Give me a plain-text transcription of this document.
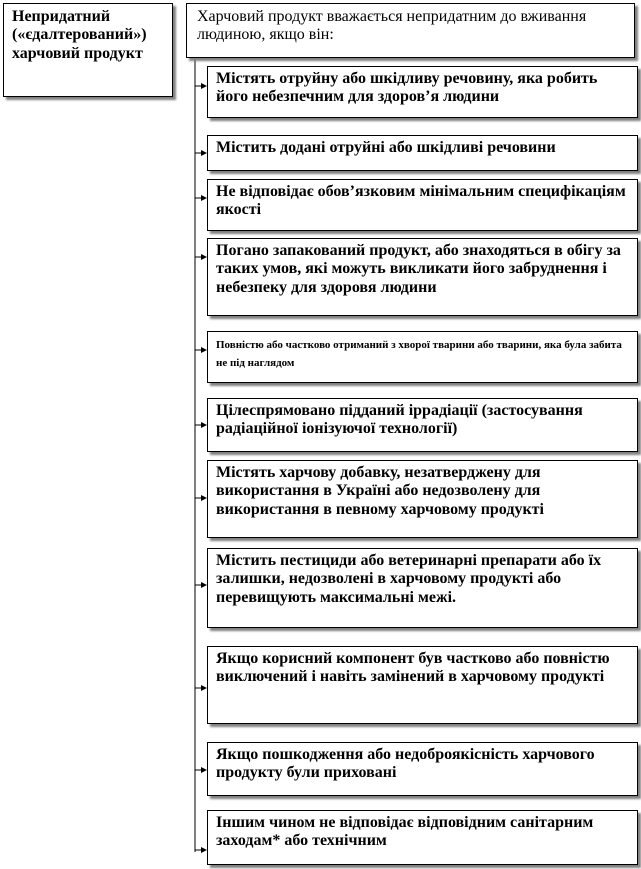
Непридатний («єдалтерований») харчовий продукт
Харчовий продукт вважається непридатним до вживання людиною, якщо він:
Містять отруйну або шкідливу речовину, яка робить його небезпечним для здоров’я людини
Містить додані отруйні або шкідливі речовини
Не відповідає обов’язковим мінімальним специфікаціям якості
Погано запакований продукт, або знаходяться в обігу за таких умов, які можуть викликати його забруднення і небезпеку для здоровя людини
Повністю або частково отриманий з хворої тварини або тварини, яка була забита не під наглядом
Цілеспрямовано підданий іррадіації (застосування радіаційної іонізуючої технології)
Містять харчову добавку, незатверджену для використання в Україні або недозволену для використання в певному харчовому продукті
Містить пестициди або ветеринарні препарати або їх залишки, недозволені в харчовому продукті або перевищують максимальні межі.
Якщо корисний компонент був частково або повністю виключений і навіть замінений в харчовому продукті
Якщо пошкодження або недоброякісність харчового продукту були приховані
Іншим чином не відповідає відповідним санітарним заходам* або технічним
